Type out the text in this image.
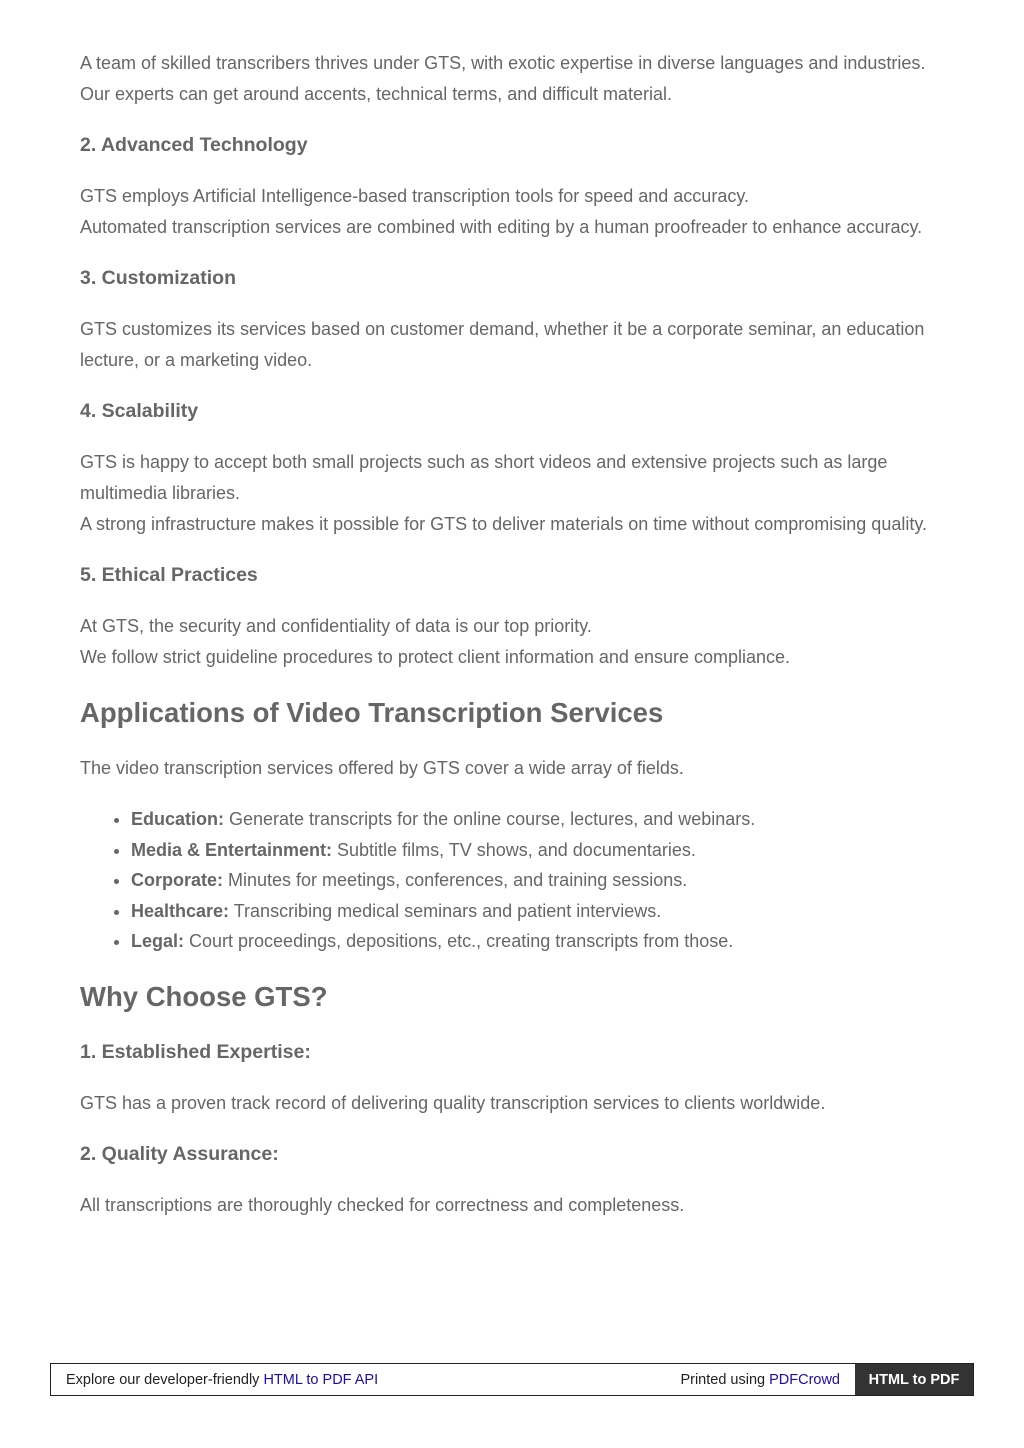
A team of skilled transcribers thrives under GTS, with exotic expertise in diverse languages and industries.

Our experts can get around accents, technical terms, and difficult material.

2. Advanced Technology

GTS employs Artificial Intelligence-based transcription tools for speed and accuracy.

Automated transcription services are combined with editing by a human proofreader to enhance accuracy.

3. Customization

GTS customizes its services based on customer demand, whether it be a corporate seminar, an education lecture, or a marketing video.

4. Scalability

GTS is happy to accept both small projects such as short videos and extensive projects such as large multimedia libraries.

A strong infrastructure makes it possible for GTS to deliver materials on time without compromising quality.

5. Ethical Practices

At GTS, the security and confidentiality of data is our top priority.

We follow strict guideline procedures to protect client information and ensure compliance.

Applications of Video Transcription Services

The video transcription services offered by GTS cover a wide array of fields.

• Education: Generate transcripts for the online course, lectures, and webinars.
• Media & Entertainment: Subtitle films, TV shows, and documentaries.
• Corporate: Minutes for meetings, conferences, and training sessions.
• Healthcare: Transcribing medical seminars and patient interviews.
• Legal: Court proceedings, depositions, etc., creating transcripts from those.
Why Choose GTS?
1. Established Expertise:

GTS has a proven track record of delivering quality transcription services to clients worldwide.

2. Quality Assurance:

All transcriptions are thoroughly checked for correctness and completeness.

Explore our developer-friendly HTML to PDF API	Printed using PDFCrowd	HTML to PDF
